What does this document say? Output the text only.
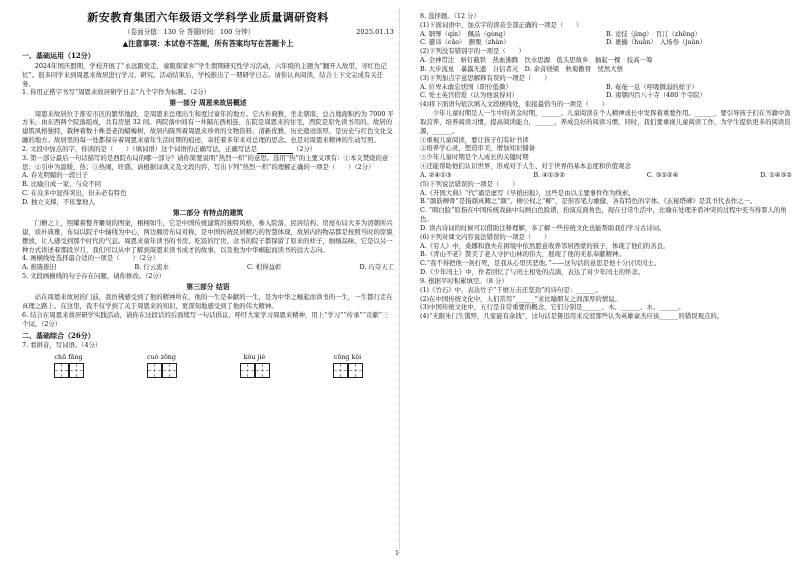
新安教育集团六年级语文学科学业质量调研资料
（卷面分值：130 分 答题时间：100 分钟）	2025.01.13
▲注意事项：本试卷不答题，所有答案均写在答题卡上
一、基础运用（12分）

2024年国庆假期，学校开展了“永远跟党走，童眼探家乡”学生假期研究性学习活动，六年级的主题为“翻开人故里，寻红色记忆”。很多同学来到周恩来故居进行学习、研究。活动结束后，学校推出了一期研学日志。请你认真阅读，结合上下文完成有关任务。

1. 你用正楷字书写“周恩来故居研学日志”九个字作为标题。（2分）

第一部分 周恩来故居概述

周恩来故居位于淮安市区的繁华地段，是周恩来总理出生和度过童年的地方。它古朴典雅，坐北朝南，总占地面积约为 7000 平方米，由东西两个院落组成，共有房屋 32 间。两院落中间有一井隔东西相连，东院是周恩来的住宅，西院是原先读书用的。故居的建筑风格独特，栽种着数十株苍老的蜡梅树，故居内陈列着周恩来珍贵的文物资料，清新优雅，历史遗迹浓厚，是历史与红色文化交融的地方。故居里的每一处都保存着周恩来童年生活时期的痕迹，寄托着多年来对总理的思念。也是对周恩来精神的生动写照。

2. 文段中加点的字，你读的是（　　）（填词语）这个词语的正确写法，正确写法是	（2分）

3. 第一部分最后一句话描写的是西院布局的哪一部分？请你简要说明“热烈一炽”的意思。选用“热”的主要义项有：①本义焚烧的意思；②引申为温暖，热；③热闹，旺盛。请根据词典义及文段内容，写出下列“热烈一炽”的理解正确的一项是（　　）（2分）

A. 春光明媚的一段日子

B. 比喻自成一家，与众不同

C. 在众多中显得突出，但未必有特色

D. 独立支撑，不依靠他人

第二部分 有特点的建筑

门檐之上，照耀着整齐雕刻的图案，栩栩如生，它是中国传统建筑的独特风格，参入院落，民居结构、房屋布局大多为清朝所兴建，质朴典雅，布局以院子中轴线为中心，两边厢房布局对称，是中国传统民居精巧的智慧体现，故居内的物品都是按照当时的原貌摆放，让人感受到那个时代的气息。周恩来童年读书的书房、吃饭的厅房、念书的院子都保留了原来的样子，细细品味，它是以另一种方式讲述着那段岁月，我们可以从中了解到周恩来读书成才的故事，以及他为中华崛起而读书的远大志向。

4. 画横线处选择最合适的一项是（　　）（2分）

A. 推陈推旧	B. 行云流水	C. 相得益彰	D. 巧夺天工

5. 文段画横线的句子存在问题，请你修改。（2分）

第三部分 结语

站在周恩来故居的门前，我仿佛感受到了他的精神所在，他的一生是奉献的一生，是为中华之崛起而读书的一生，一生都行走在真理之路上。在这里，我不仅学到了关于周恩来的知识，更深刻地感受到了他的伟大精神。

6. 结合在周恩来故居研学实践活动，请你在这段话的后面续写一句话倡议，呼吁大家学习周恩来精神，用上“学习”“传承”“贡献”三个词。（2分）

二、基础综合（26分）

7. 看拼音，写词语。（4分）

chū fǎng	cuò zōng	kǒu jié	cōng kǒi

8. 选择题。（12 分）

(1)下面词语中，加点字的读音全部正确的一项是（　　）

A. 钢琴（qín）　佩品（gòng）	B. 竞技（jìng）　百汀（zhēng）
C. 避讳（cǎo）　颤栗（zhàn）	D. 裹撮（huǎn）　入场券（juàn）

(2)下列没有错别字的一项是（　　）

A. 全神贯注　斩钉截铁　热血沸腾　饮水思源　低头思故乡　抽起一棵　技高一筹

B. 大步流星　暴露无遗　自信者灭　D. 余音绕梁　秋菊傲骨　忧然大悟

(3)下列加点字意思解释有误的一项是（　　）

A. 位卑未敢忘忧国（职位低微）	B. 奄奄一息（呼吸微弱的样子）
C. 处士英宫搭爱（认为他说得对）	D. 南朝四百八十寺（480 个寺院）

(4)将下面语句依次填入文段横线处，衔接最恰当的一项是（　　）

少年儿童时期是人一生中的黄金时期，______。儿童阅读在个人精神成长中发挥着重要作用。______，要引导孩子们在书籍中汲取营养，培养阅读习惯，提高阅读能力，______，养成良好的阅读习惯，同时，我们要重视儿童阅读工作，为学生提供更多的阅读资源，______。

①重视儿童阅读，要让孩子们有好书读

②培养学心灵，塑造审美，增加知识储备

③少年儿童时期是个人成长的关键时期

④还能帮助他们认识世界，形成对于人生、对于世界的基本态度和价值观念

A. ②④①③	B. ④①③②	C. ③①②④	D. ①④③②

(5)下列说法错误的一项是（　　）

A.《开国大典》“代”诵是虚写《早稻田报》，这些是由以主要事件作为线索。

B.“颜筋柳骨”是指颜真卿之“颜”、柳公权之“柳”，是形容笔力雄健，各有特色的字体。《玄秘塔碑》是其书代表作之一。

C. “唱白脸”原指在中国传统戏曲中勾画白色脸谱，扮演反面角色，现在日常生活中，比喻在处理矛盾冲突的过程中充当得罪人的角色。

D. 读古诗词的时候可以借助注释理解，多了解一些传统文化也能帮助我们学习古诗词。

(6)下列对课文内容说法错误的一项是（　　）

A.《穷人》中，桑娜和渔夫在困境中依然愿意收养邻居西蒙的孩子，体现了他们的善良。

B.《青山不老》赞美了老人守护山林的伟大，展现了他的无私奉献精神。

C.“我不得把他一剑打死，是我从心里厌恶他。”——这句话的意思是他十分讨厌闰土。

D.《少年闰土》中，作者回忆了与闰土相处的点滴，表达了对少年闰土的怀念。

9. 根据平时积累填空。（8 分）

(1)《竹石》中，表达竹子“千磨万击还坚劲”的诗句是：______。

(2)在中国传统文化中，人们常用“______”来比喻朋友之间深厚的情谊。

(3)中国传统文化中，五行是非常重要的概念，它们分别是______、木、______、水、______。

(4)“无限朱门生饿殍，几家能有余钱”，这句话是鲁迅用来反驳那些认为英雄豪杰应该______的错误观点的。

1
